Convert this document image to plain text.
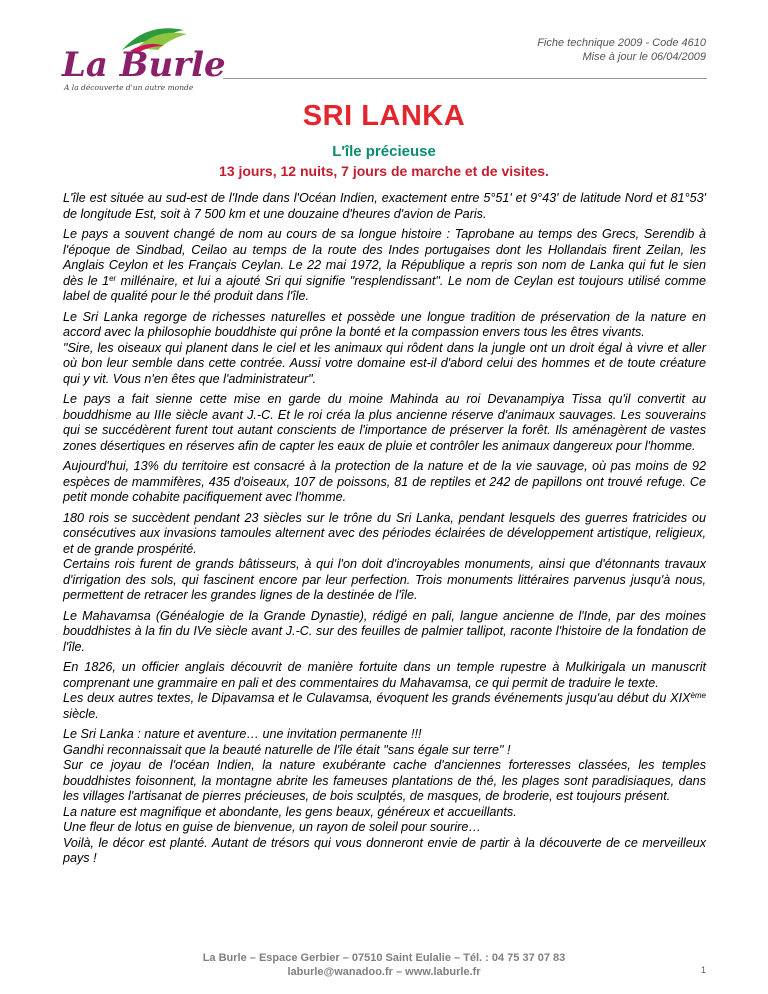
La Burle
A la découverte d'un autre monde
Fiche technique 2009 - Code 4610
Mise à jour le 06/04/2009
SRI LANKA
L'île précieuse
13 jours, 12 nuits, 7 jours de marche et de visites.

L'île est située au sud-est de l'Inde dans l'Océan Indien, exactement entre 5°51' et 9°43' de latitude Nord et 81°53' de longitude Est, soit à 7 500 km et une douzaine d'heures d'avion de Paris.

Le pays a souvent changé de nom au cours de sa longue histoire : Taprobane au temps des Grecs, Serendib à l'époque de Sindbad, Ceilao au temps de la route des Indes portugaises dont les Hollandais firent Zeilan, les Anglais Ceylon et les Français Ceylan. Le 22 mai 1972, la République a repris son nom de Lanka qui fut le sien dès le 1er millénaire, et lui a ajouté Sri qui signifie "resplendissant". Le nom de Ceylan est toujours utilisé comme label de qualité pour le thé produit dans l'île.

Le Sri Lanka regorge de richesses naturelles et possède une longue tradition de préservation de la nature en accord avec la philosophie bouddhiste qui prône la bonté et la compassion envers tous les êtres vivants.
"Sire, les oiseaux qui planent dans le ciel et les animaux qui rôdent dans la jungle ont un droit égal à vivre et aller où bon leur semble dans cette contrée. Aussi votre domaine est-il d'abord celui des hommes et de toute créature qui y vit. Vous n'en êtes que l'administrateur".

Le pays a fait sienne cette mise en garde du moine Mahinda au roi Devanampiya Tissa qu'il convertit au bouddhisme au IIIe siècle avant J.-C. Et le roi créa la plus ancienne réserve d'animaux sauvages. Les souverains qui se succédèrent furent tout autant conscients de l'importance de préserver la forêt. Ils aménagèrent de vastes zones désertiques en réserves afin de capter les eaux de pluie et contrôler les animaux dangereux pour l'homme.

Aujourd'hui, 13% du territoire est consacré à la protection de la nature et de la vie sauvage, où pas moins de 92 espèces de mammifères, 435 d'oiseaux, 107 de poissons, 81 de reptiles et 242 de papillons ont trouvé refuge. Ce petit monde cohabite pacifiquement avec l'homme.

180 rois se succèdent pendant 23 siècles sur le trône du Sri Lanka, pendant lesquels des guerres fratricides ou consécutives aux invasions tamoules alternent avec des périodes éclairées de développement artistique, religieux, et de grande prospérité.
Certains rois furent de grands bâtisseurs, à qui l'on doit d'incroyables monuments, ainsi que d'étonnants travaux d'irrigation des sols, qui fascinent encore par leur perfection. Trois monuments littéraires parvenus jusqu'à nous, permettent de retracer les grandes lignes de la destinée de l'île.

Le Mahavamsa (Généalogie de la Grande Dynastie), rédigé en pali, langue ancienne de l'Inde, par des moines bouddhistes à la fin du IVe siècle avant J.-C. sur des feuilles de palmier tallipot, raconte l'histoire de la fondation de l'île.

En 1826, un officier anglais découvrit de manière fortuite dans un temple rupestre à Mulkirigala un manuscrit comprenant une grammaire en pali et des commentaires du Mahavamsa, ce qui permit de traduire le texte.
Les deux autres textes, le Dipavamsa et le Culavamsa, évoquent les grands événements jusqu'au début du XIXème siècle.

Le Sri Lanka : nature et aventure… une invitation permanente !!!
Gandhi reconnaissait que la beauté naturelle de l'île était "sans égale sur terre" !
Sur ce joyau de l'océan Indien, la nature exubérante cache d'anciennes forteresses classées, les temples bouddhistes foisonnent, la montagne abrite les fameuses plantations de thé, les plages sont paradisiaques, dans les villages l'artisanat de pierres précieuses, de bois sculptés, de masques, de broderie, est toujours présent.
La nature est magnifique et abondante, les gens beaux, généreux et accueillants.
Une fleur de lotus en guise de bienvenue, un rayon de soleil pour sourire…
Voilà, le décor est planté. Autant de trésors qui vous donneront envie de partir à la découverte de ce merveilleux pays !

La Burle – Espace Gerbier – 07510 Saint Eulalie – Tél. : 04 75 37 07 83
laburle@wanadoo.fr – www.laburle.fr	1
